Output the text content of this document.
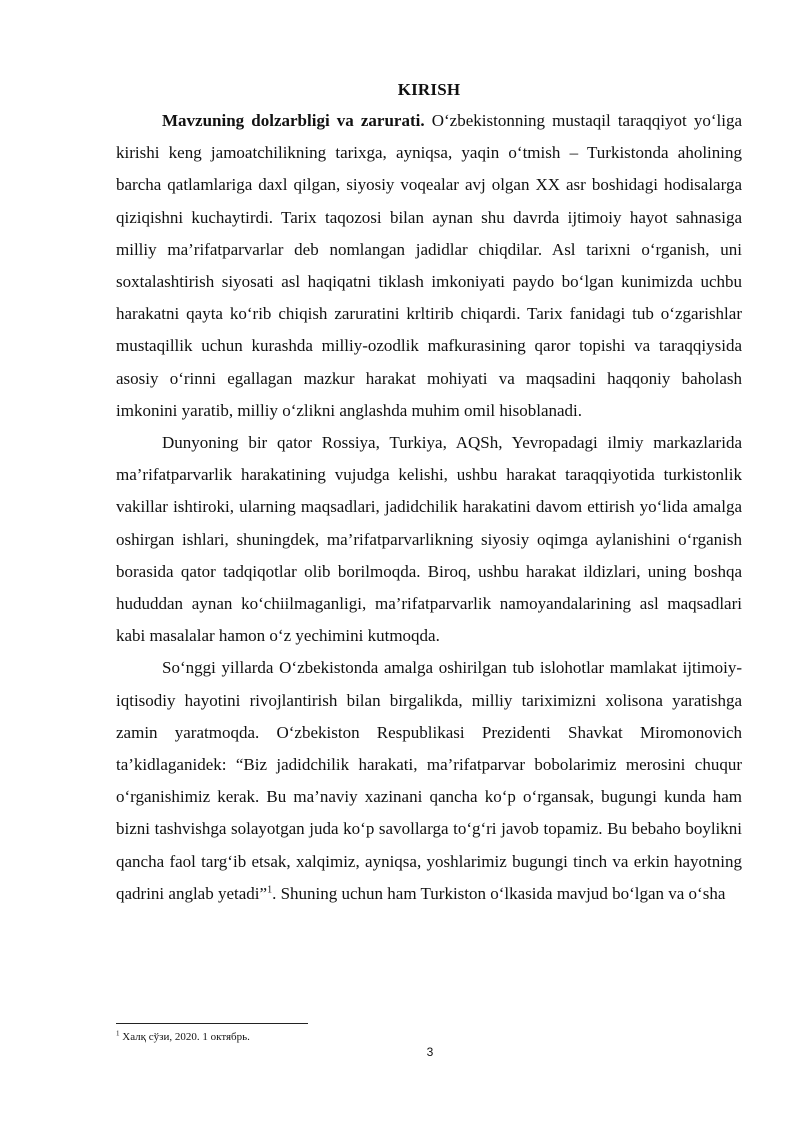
KIRISH

Mavzuning dolzarbligi va zarurati. O‘zbekistonning mustaqil taraqqiyot yo‘liga kirishi keng jamoatchilikning tarixga, ayniqsa, yaqin o‘tmish – Turkistonda aholining barcha qatlamlariga daxl qilgan, siyosiy voqealar avj olgan XX asr boshidagi hodisalarga qiziqishni kuchaytirdi. Tarix taqozosi bilan aynan shu davrda ijtimoiy hayot sahnasiga milliy ma’rifatparvarlar deb nomlangan jadidlar chiqdilar. Asl tarixni o‘rganish, uni soxtalashtirish siyosati asl haqiqatni tiklash imkoniyati paydo bo‘lgan kunimizda uchbu harakatni qayta ko‘rib chiqish zaruratini krltirib chiqardi. Tarix fanidagi tub o‘zgarishlar mustaqillik uchun kurashda milliy-ozodlik mafkurasining qaror topishi va taraqqiysida asosiy o‘rinni egallagan mazkur harakat mohiyati va maqsadini haqqoniy baholash imkonini yaratib, milliy o‘zlikni anglashda muhim omil hisoblanadi.

Dunyoning bir qator Rossiya, Turkiya, AQSh, Yevropadagi ilmiy markazlarida ma’rifatparvarlik harakatining vujudga kelishi, ushbu harakat taraqqiyotida turkistonlik vakillar ishtiroki, ularning maqsadlari, jadidchilik harakatini davom ettirish yo‘lida amalga oshirgan ishlari, shuningdek, ma’rifatparvarlikning siyosiy oqimga aylanishini o‘rganish borasida qator tadqiqotlar olib borilmoqda. Biroq, ushbu harakat ildizlari, uning boshqa hududdan aynan ko‘chiilmaganligi, ma’rifatparvarlik namoyandalarining asl maqsadlari kabi masalalar hamon o‘z yechimini kutmoqda.

So‘nggi yillarda O‘zbekistonda amalga oshirilgan tub islohotlar mamlakat ijtimoiy-iqtisodiy hayotini rivojlantirish bilan birgalikda, milliy tariximizni xolisona yaratishga zamin yaratmoqda. O‘zbekiston Respublikasi Prezidenti Shavkat Miromonovich ta’kidlaganidek: “Biz jadidchilik harakati, ma’rifatparvar bobolarimiz merosini chuqur o‘rganishimiz kerak. Bu ma’naviy xazinani qancha ko‘p o‘rgansak, bugungi kunda ham bizni tashvishga solayotgan juda ko‘p savollarga to‘g‘ri javob topamiz. Bu bebaho boylikni qancha faol targ‘ib etsak, xalqimiz, ayniqsa, yoshlarimiz bugungi tinch va erkin hayotning qadrini anglab yetadi”$^1$. Shuning uchun ham Turkiston o‘lkasida mavjud bo‘lgan va o‘sha

$^1$ Халқ сўзи, 2020. 1 октябрь.
3
